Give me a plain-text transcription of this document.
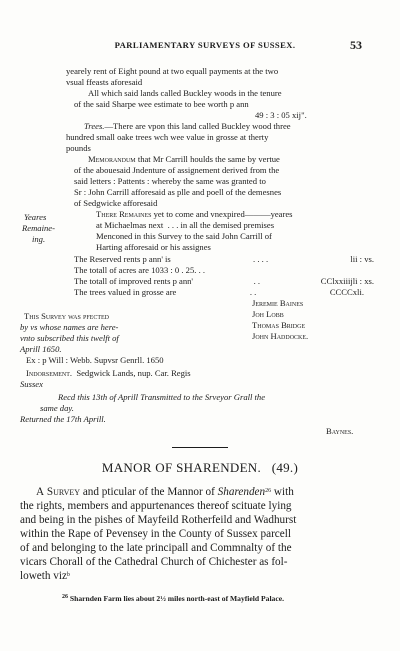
PARLIAMENTARY SURVEYS OF SUSSEX.	53
yearely rent of Eight pound at two equall payments at the two
vsual ffeasts aforesaid
All which said lands called Buckley woods in the tenure
of the said Sharpe wee estimate to bee worth p ann
49 : 3 : 05 xij".
Trees.—There are vpon this land called Buckley wood three
hundred small oake trees wch wee value in grosse at therty
pounds
Memorandum that Mr Carrill houlds the same by vertue
of the abouesaid Jndenture of assignement derived from the
said letters : Pattents : whereby the same was granted to
Sr : John Carrill afforesaid as plle and poell of the demesnes
of Sedgwicke afforesaid
Yeares
Remaine-
ing.
There Remaines yet to come and vnexpired———yeares
at Michaelmas next . . . in all the demised premises
Menconed in this Survey to the said John Carrill of
Harting afforesaid or his assignes
The Reserved rents p ann' is	. . . .	lii : vs.
The totall of acres are 1033 : 0 . 25. . .
The totall of improved rents p ann'	. .	CClxxiiijli : xs.
The trees valued in grosse are	. .	CCCCxli.
Jeremie Baines
Joh Lobb
Thomas Bridge
John Haddocke.
This Survey was pfected
by vs whose names are here-
vnto subscribed this twelft of
Aprill 1650.
Ex : p Will : Webb. Supvsr Genrll. 1650
Indorsement. Sedgwick Lands, nup. Car. Regis
Sussex
Recd this 13th of Aprill Transmitted to the Srveyor Grall the
same day.
Returned the 17th Aprill.
Baynes.
MANOR OF SHARENDEN. (49.)
A Survey and pticular of the Mannor of Sharenden$^{26}$ with
the rights, members and appurtenances thereof scituate lying
and being in the pishes of Mayfeild Rotherfeild and Wadhurst
within the Rape of Pevensey in the County of Sussex parcell
of and belonging to the late principall and Commnalty of the
vicars Chorall of the Cathedral Church of Chichester as fol-
loweth viz$^b$
$^{26}$ Sharnden Farm lies about 2½ miles north-east of Mayfield Palace.
